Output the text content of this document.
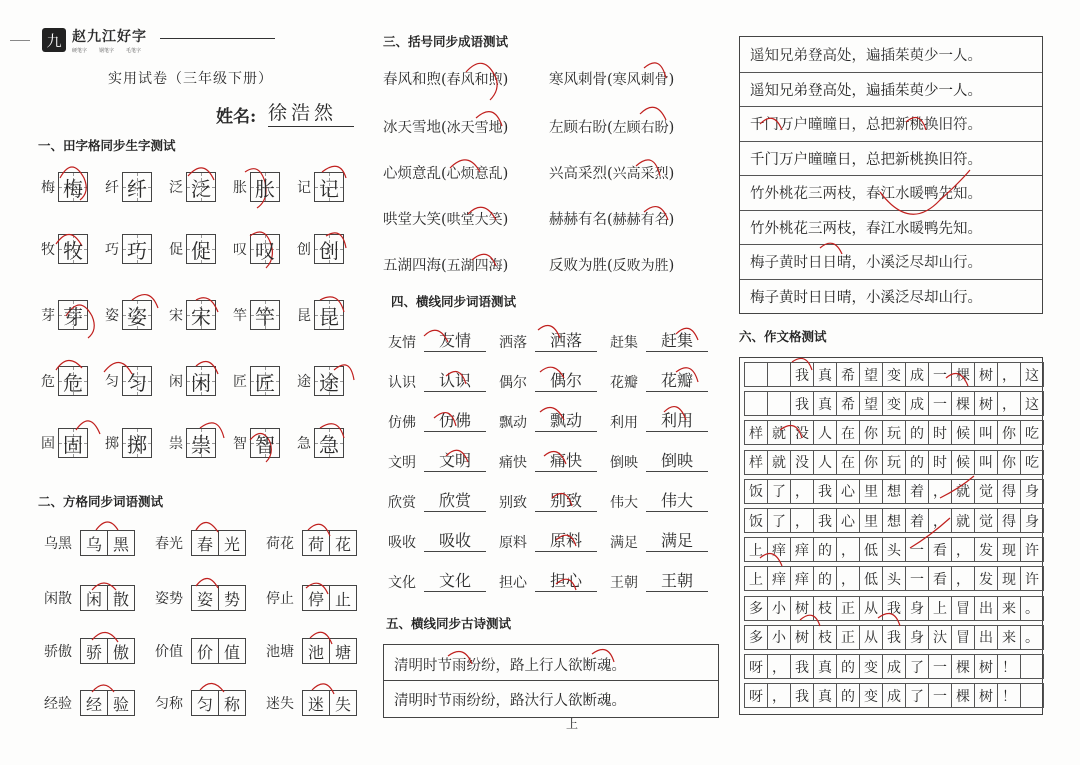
九 赵九江好字
硬笔字 钢笔字 毛笔字
实用试卷（三年级下册）
姓名: 徐浩然
一、田字格同步生字测试
梅 梅 纤 纤 泛 泛 胀 胀 记 记
牧 牧 巧 巧 促 促 叹 叹 创 创
芽 芽 姿 姿 宋 宋 竿 竿 昆 昆
危 危 匀 匀 闲 闲 匠 匠 途 途
固 固 掷 掷 祟 祟 智 智 急 急
二、方格同步词语测试
乌黑 乌 黑	春光 春 光	荷花 荷 花
闲散 闲 散	姿势 姿 势	停止 停 止
骄傲 骄 傲	价值 价 值	池塘 池 塘
经验 经 验	匀称 匀 称	迷失 迷 失
三、括号同步成语测试
春风和煦(春风和煦)	寒风刺骨(寒风刺骨)
冰天雪地(冰天雪地)	左顾右盼(左顾右盼)
心烦意乱(心烦意乱)	兴高采烈(兴高采烈)
哄堂大笑(哄堂大笑)	赫赫有名(赫赫有名)
五湖四海(五湖四海)	反败为胜(反败为胜)
四、横线同步词语测试
友情	友情	洒落	洒落	赶集	赶集
认识	认识	偶尔	偶尔	花瓣	花瓣
仿佛	仿佛	飘动	飘动	利用	利用
文明	文明	痛快	痛快	倒映	倒映
欣赏	欣赏	别致	别致	伟大	伟大
吸收	吸收	原料	原料	满足	满足
文化	文化	担心	担心	王朝	王朝
五、横线同步古诗测试
清明时节雨纷纷，路上行人欲断魂。
清明时节雨纷纷，路汏行人欲断魂。
上
遥知兄弟登高处，遍插茱萸少一人。
遥知兄弟登高处，遍插茱萸少一人。
千门万户曈曈日，总把新桃换旧符。
千门万户曈曈日，总把新桃换旧符。
竹外桃花三两枝，春江水暖鸭先知。
竹外桃花三两枝，春江水暖鸭先知。
梅子黄时日日晴，小溪泛尽却山行。
梅子黄时日日晴，小溪泛尽却山行。
六、作文格测试
我 真 希 望 变 成 一 棵 树 ， 这
我 真 希 望 变 成 一 棵 树 ， 这
样 就 没 人 在 你 玩 的 时 候 叫 你 吃
样 就 没 人 在 你 玩 的 时 候 叫 你 吃
饭 了 ， 我 心 里 想 着 ， 就 觉 得 身
饭 了 ， 我 心 里 想 着 ， 就 觉 得 身
上 痒 痒 的 ， 低 头 一 看 ， 发 现 许
上 痒 痒 的 ， 低 头 一 看 ， 发 现 许
多 小 树 枝 正 从 我 身 上 冒 出 来 。
多 小 树 枝 正 从 我 身 汏 冒 出 来 。
呀 ， 我 真 的 变 成 了 一 棵 树 ！
呀 ， 我 真 的 变 成 了 一 棵 树 ！
